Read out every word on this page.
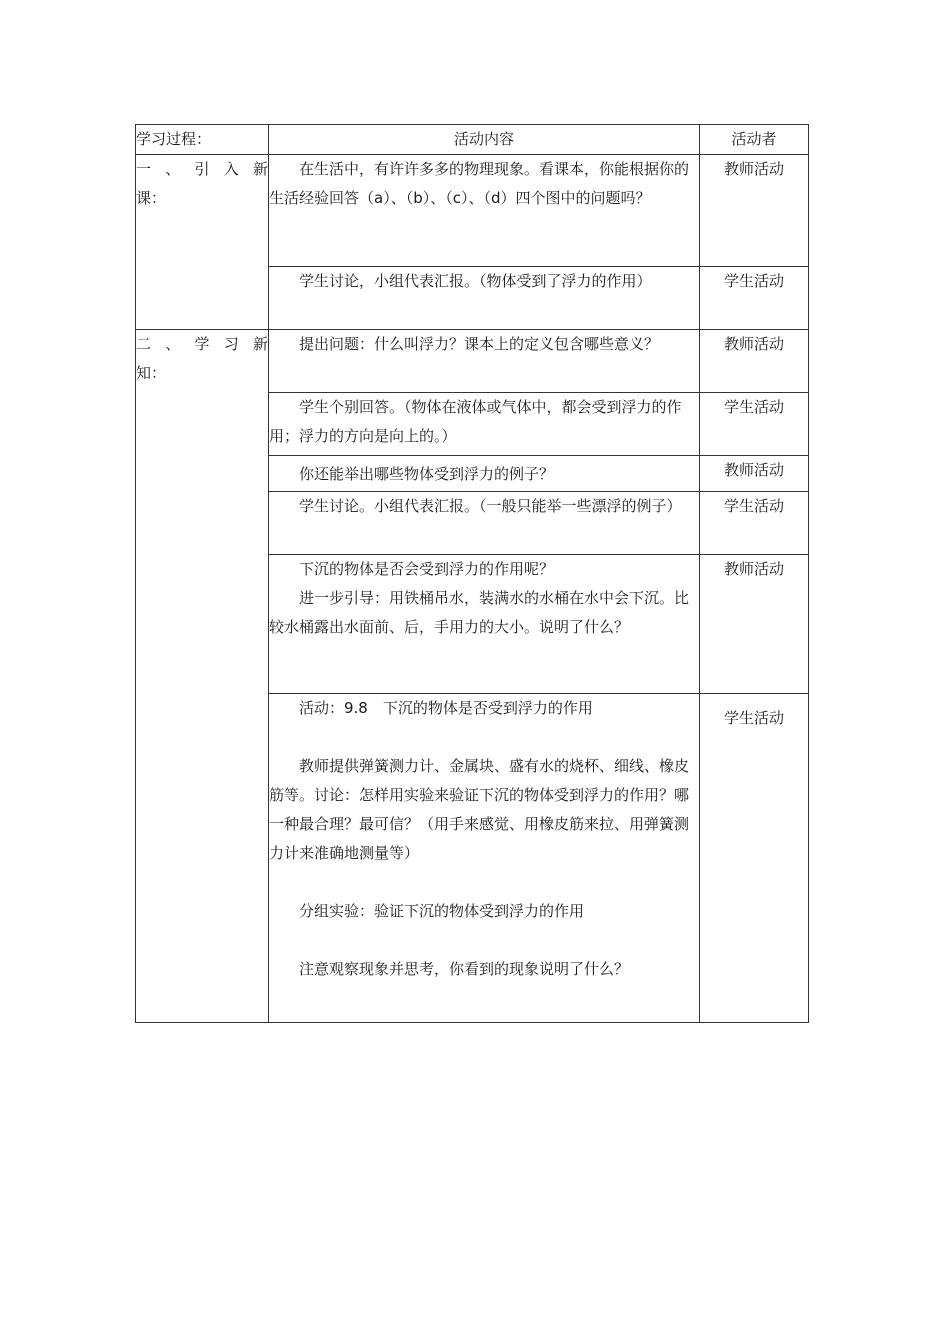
学习过程：	活动内容	活动者
一 、 引 入 新
课：	在生活中，有许许多多的物理现象。看课本，你能根据你的生活经验回答（a）、（b）、（c）、（d）四个图中的问题吗？	教师活动

	学生讨论，小组代表汇报。（物体受到了浮力的作用）	学生活动
二 、 学 习 新
知：	提出问题：什么叫浮力？课本上的定义包含哪些意义？	教师活动

	学生个别回答。（物体在液体或气体中，都会受到浮力的作用；浮力的方向是向上的。）	学生活动

	你还能举出哪些物体受到浮力的例子？	教师活动

	学生讨论。小组代表汇报。（一般只能举一些漂浮的例子）	学生活动

	下沉的物体是否会受到浮力的作用呢？

进一步引导：用铁桶吊水，装满水的水桶在水中会下沉。比较水桶露出水面前、后，手用力的大小。说明了什么？	教师活动

	活动：9.8　下沉的物体是否受到浮力的作用

教师提供弹簧测力计、金属块、盛有水的烧杯、细线、橡皮筋等。讨论：怎样用实验来验证下沉的物体受到浮力的作用？哪一种最合理？最可信？（用手来感觉、用橡皮筋来拉、用弹簧测力计来准确地测量等）

分组实验：验证下沉的物体受到浮力的作用

注意观察现象并思考，你看到的现象说明了什么？	学生活动
